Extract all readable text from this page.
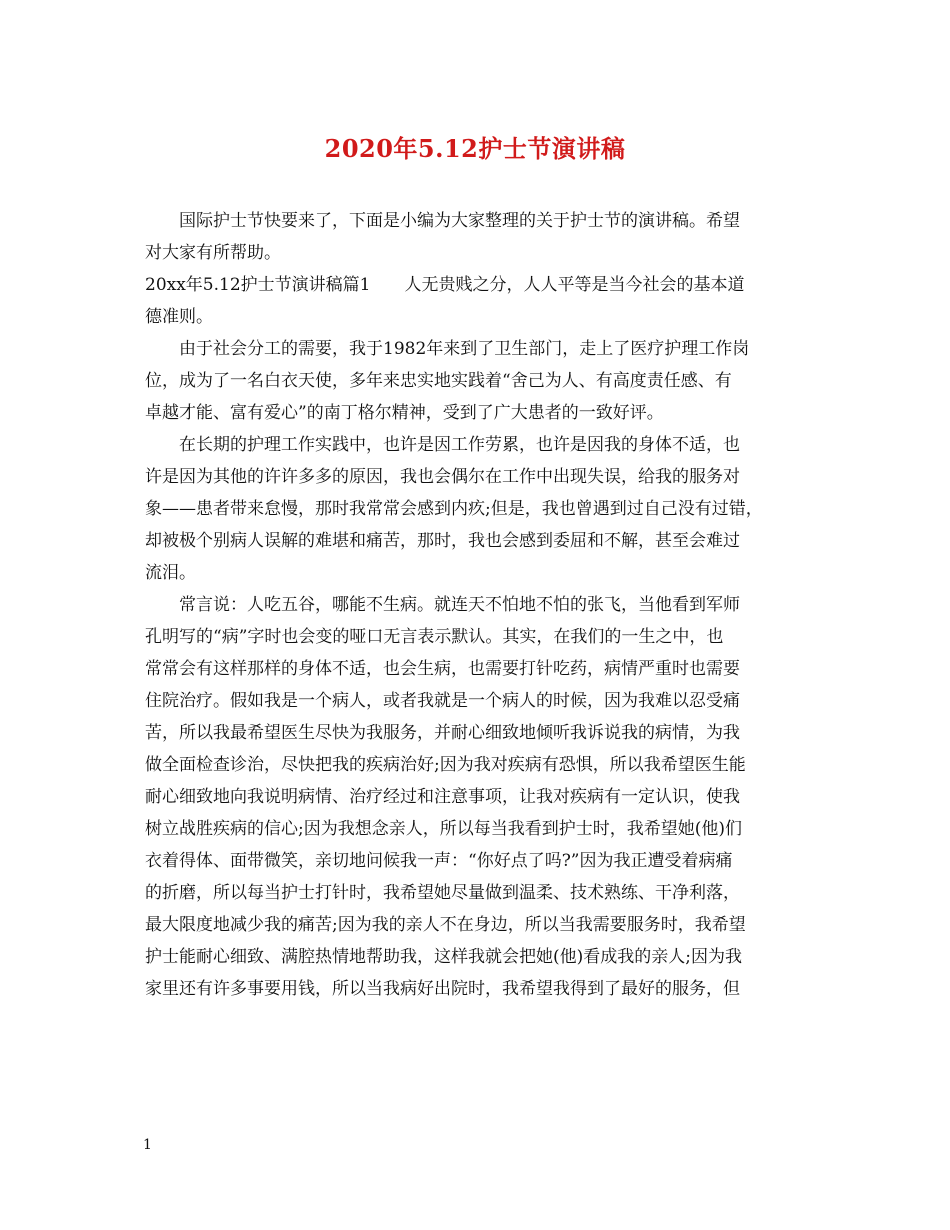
2020年5.12护士节演讲稿
国际护士节快要来了，下面是小编为大家整理的关于护士节的演讲稿。希望
对大家有所帮助。
20xx年5.12护士节演讲稿篇1　　人无贵贱之分，人人平等是当今社会的基本道
德准则。
由于社会分工的需要，我于1982年来到了卫生部门，走上了医疗护理工作岗
位，成为了一名白衣天使，多年来忠实地实践着“舍己为人、有高度责任感、有
卓越才能、富有爱心”的南丁格尔精神，受到了广大患者的一致好评。
在长期的护理工作实践中，也许是因工作劳累，也许是因我的身体不适，也
许是因为其他的许许多多的原因，我也会偶尔在工作中出现失误，给我的服务对
象——患者带来怠慢，那时我常常会感到内疚;但是，我也曾遇到过自己没有过错，
却被极个别病人误解的难堪和痛苦，那时，我也会感到委屈和不解，甚至会难过
流泪。
常言说：人吃五谷，哪能不生病。就连天不怕地不怕的张飞，当他看到军师
孔明写的“病”字时也会变的哑口无言表示默认。其实，在我们的一生之中，也
常常会有这样那样的身体不适，也会生病，也需要打针吃药，病情严重时也需要
住院治疗。假如我是一个病人，或者我就是一个病人的时候，因为我难以忍受痛
苦，所以我最希望医生尽快为我服务，并耐心细致地倾听我诉说我的病情，为我
做全面检查诊治，尽快把我的疾病治好;因为我对疾病有恐惧，所以我希望医生能
耐心细致地向我说明病情、治疗经过和注意事项，让我对疾病有一定认识，使我
树立战胜疾病的信心;因为我想念亲人，所以每当我看到护士时，我希望她(他)们
衣着得体、面带微笑，亲切地问候我一声：“你好点了吗?”因为我正遭受着病痛
的折磨，所以每当护士打针时，我希望她尽量做到温柔、技术熟练、干净利落，
最大限度地减少我的痛苦;因为我的亲人不在身边，所以当我需要服务时，我希望
护士能耐心细致、满腔热情地帮助我，这样我就会把她(他)看成我的亲人;因为我
家里还有许多事要用钱，所以当我病好出院时，我希望我得到了最好的服务，但
1
